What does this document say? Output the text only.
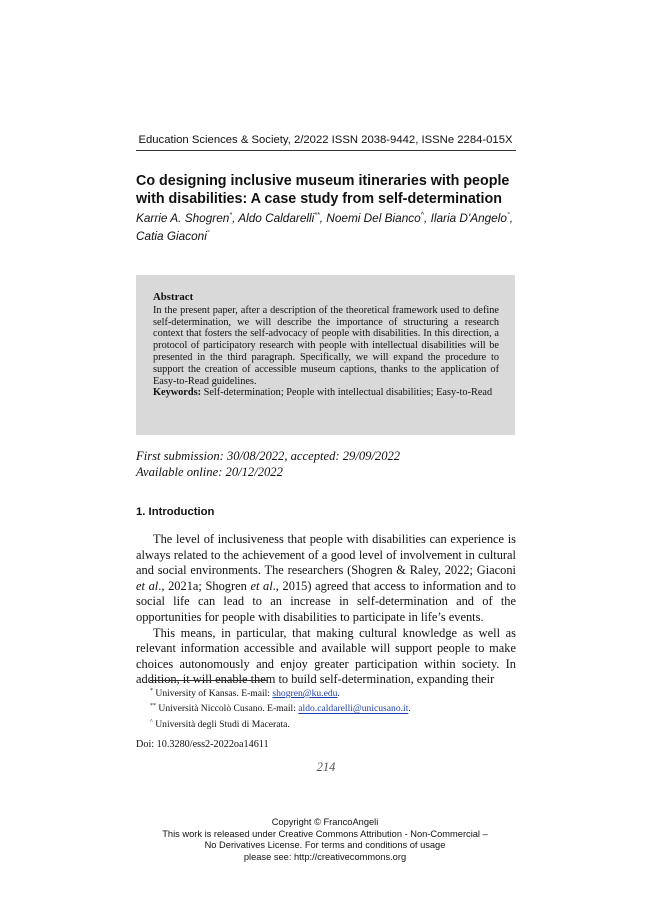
Education Sciences & Society, 2/2022 ISSN 2038-9442, ISSNe 2284-015X
Co designing inclusive museum itineraries with people with disabilities: A case study from self-determination
Karrie A. Shogren*, Aldo Caldarelli**, Noemi Del Bianco^, Ilaria D'Angelo°, Catia Giaconi°
Abstract
In the present paper, after a description of the theoretical framework used to define self-determination, we will describe the importance of structuring a research context that fosters the self-advocacy of people with disabilities. In this direction, a protocol of participatory research with people with intellectual disabilities will be presented in the third paragraph. Specifically, we will expand the procedure to support the creation of accessible museum captions, thanks to the application of Easy-to-Read guidelines.
Keywords: Self-determination; People with intellectual disabilities; Easy-to-Read
First submission: 30/08/2022, accepted: 29/09/2022
Available online: 20/12/2022
1. Introduction

The level of inclusiveness that people with disabilities can experience is always related to the achievement of a good level of involvement in cultural and social environments. The researchers (Shogren & Raley, 2022; Giaconi et al., 2021a; Shogren et al., 2015) agreed that access to information and to social life can lead to an increase in self-determination and of the opportunities for people with disabilities to participate in life’s events.

This means, in particular, that making cultural knowledge as well as relevant information accessible and available will support people to make choices autonomously and enjoy greater participation within society. In addition, it will enable them to build self-determination, expanding their

* University of Kansas. E-mail: shogren@ku.edu.
** Università Niccolò Cusano. E-mail: aldo.caldarelli@unicusano.it.
^ Università degli Studi di Macerata.
Doi: 10.3280/ess2-2022oa14611
214
Copyright © FrancoAngeli
This work is released under Creative Commons Attribution - Non-Commercial –
No Derivatives License. For terms and conditions of usage
please see: http://creativecommons.org
